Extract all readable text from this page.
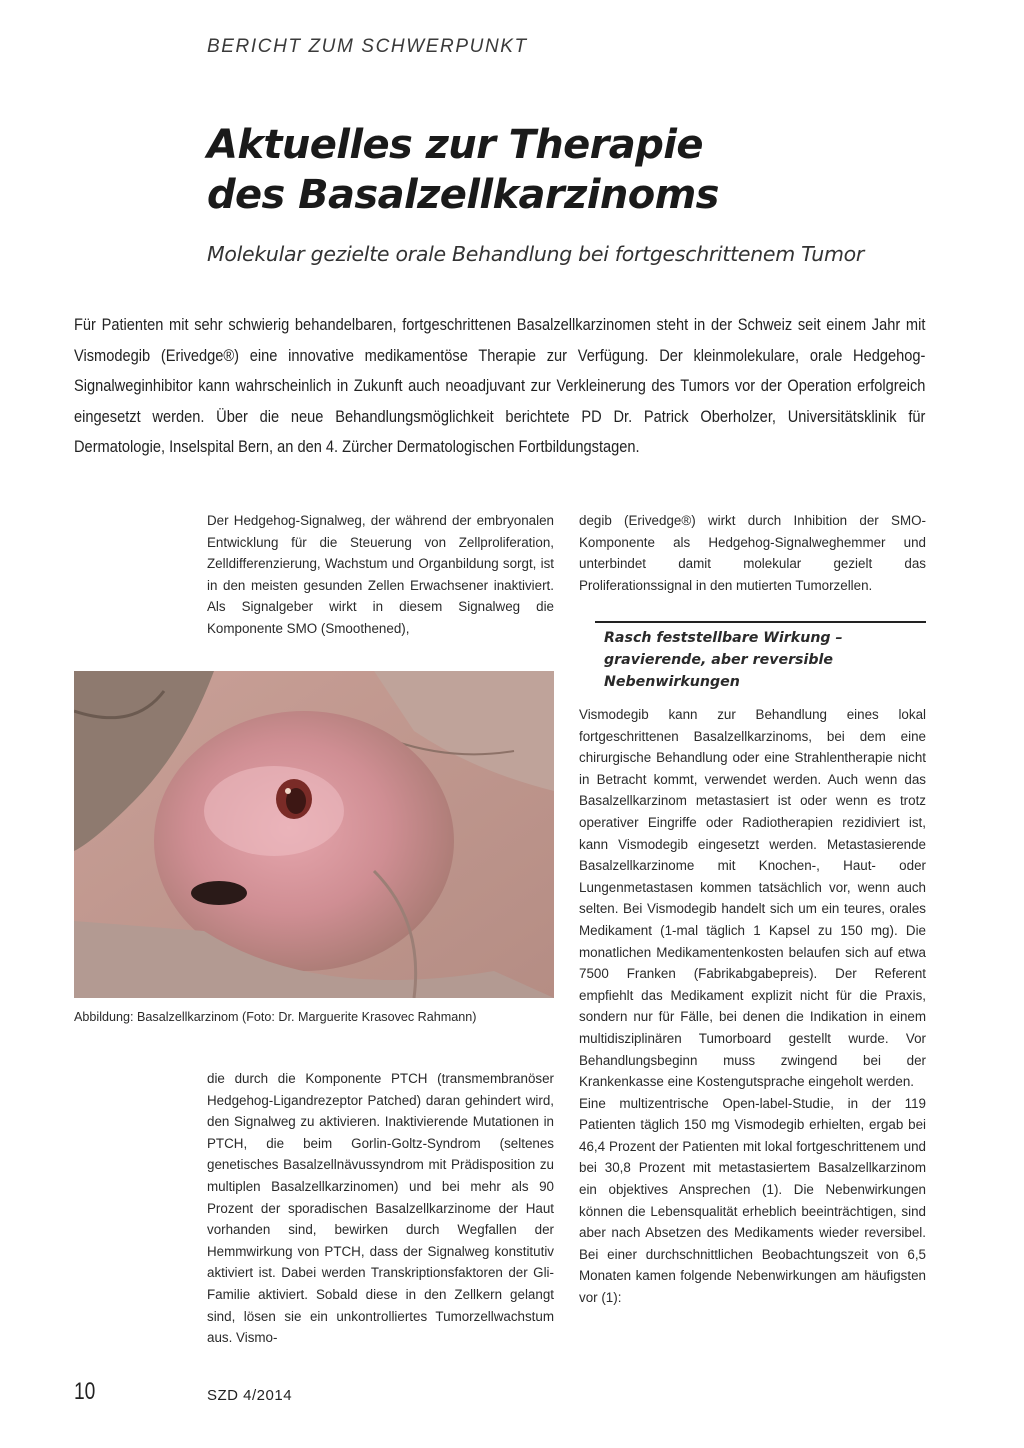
BERICHT ZUM SCHWERPUNKT
Aktuelles zur Therapie
des Basalzellkarzinoms
Molekular gezielte orale Behandlung bei fortgeschrittenem Tumor

Für Patienten mit sehr schwierig behandelbaren, fortgeschrittenen Basalzellkarzinomen steht in der Schweiz seit einem Jahr mit Vismodegib (Erivedge®) eine innovative medikamentöse Therapie zur Verfügung. Der kleinmolekulare, orale Hedgehog-Signalweginhibitor kann wahrscheinlich in Zukunft auch neoadjuvant zur Verkleinerung des Tumors vor der Operation erfolgreich eingesetzt werden. Über die neue Behandlungsmöglichkeit berichtete PD Dr. Patrick Oberholzer, Universitätsklinik für Dermatologie, Inselspital Bern, an den 4. Zürcher Dermatologischen Fortbildungstagen.

Der Hedgehog-Signalweg, der während der embryonalen Entwicklung für die Steuerung von Zellproliferation, Zelldifferenzierung, Wachstum und Organbildung sorgt, ist in den meisten gesunden Zellen Erwachsener inaktiviert. Als Signalgeber wirkt in diesem Signalweg die Komponente SMO (Smoothened),

Abbildung: Basalzellkarzinom (Foto: Dr. Marguerite Krasovec Rahmann)

die durch die Komponente PTCH (transmembranöser Hedgehog-Ligandrezeptor Patched) daran gehindert wird, den Signalweg zu aktivieren. Inaktivierende Mutationen in PTCH, die beim Gorlin-Goltz-Syndrom (seltenes genetisches Basalzellnävussyndrom mit Prädisposition zu multiplen Basalzellkarzinomen) und bei mehr als 90 Prozent der sporadischen Basalzellkarzinome der Haut vorhanden sind, bewirken durch Wegfallen der Hemmwirkung von PTCH, dass der Signalweg konstitutiv aktiviert ist. Dabei werden Transkriptionsfaktoren der Gli-Familie aktiviert. Sobald diese in den Zellkern gelangt sind, lösen sie ein unkontrolliertes Tumorzellwachstum aus. Vismo-

degib (Erivedge®) wirkt durch Inhibition der SMO-Komponente als Hedgehog-Signalweghemmer und unterbindet damit molekular gezielt das Proliferationssignal in den mutierten Tumorzellen.

Rasch feststellbare Wirkung – gravierende, aber reversible Nebenwirkungen

Vismodegib kann zur Behandlung eines lokal fortgeschrittenen Basalzellkarzinoms, bei dem eine chirurgische Behandlung oder eine Strahlentherapie nicht in Betracht kommt, verwendet werden. Auch wenn das Basalzellkarzinom metastasiert ist oder wenn es trotz operativer Eingriffe oder Radiotherapien rezidiviert ist, kann Vismodegib eingesetzt werden. Metastasierende Basalzellkarzinome mit Knochen-, Haut- oder Lungenmetastasen kommen tatsächlich vor, wenn auch selten. Bei Vismodegib handelt sich um ein teures, orales Medikament (1-mal täglich 1 Kapsel zu 150 mg). Die monatlichen Medikamentenkosten belaufen sich auf etwa 7500 Franken (Fabrikabgabepreis). Der Referent empfiehlt das Medikament explizit nicht für die Praxis, sondern nur für Fälle, bei denen die Indikation in einem multidisziplinären Tumorboard gestellt wurde. Vor Behandlungsbeginn muss zwingend bei der Krankenkasse eine Kostengutsprache eingeholt werden.

Eine multizentrische Open-label-Studie, in der 119 Patienten täglich 150 mg Vismodegib erhielten, ergab bei 46,4 Prozent der Patienten mit lokal fortgeschrittenem und bei 30,8 Prozent mit metastasiertem Basalzellkarzinom ein objektives Ansprechen (1). Die Nebenwirkungen können die Lebensqualität erheblich beeinträchtigen, sind aber nach Absetzen des Medikaments wieder reversibel. Bei einer durchschnittlichen Beobachtungszeit von 6,5 Monaten kamen folgende Nebenwirkungen am häufigsten vor (1):

10	SZD 4/2014
